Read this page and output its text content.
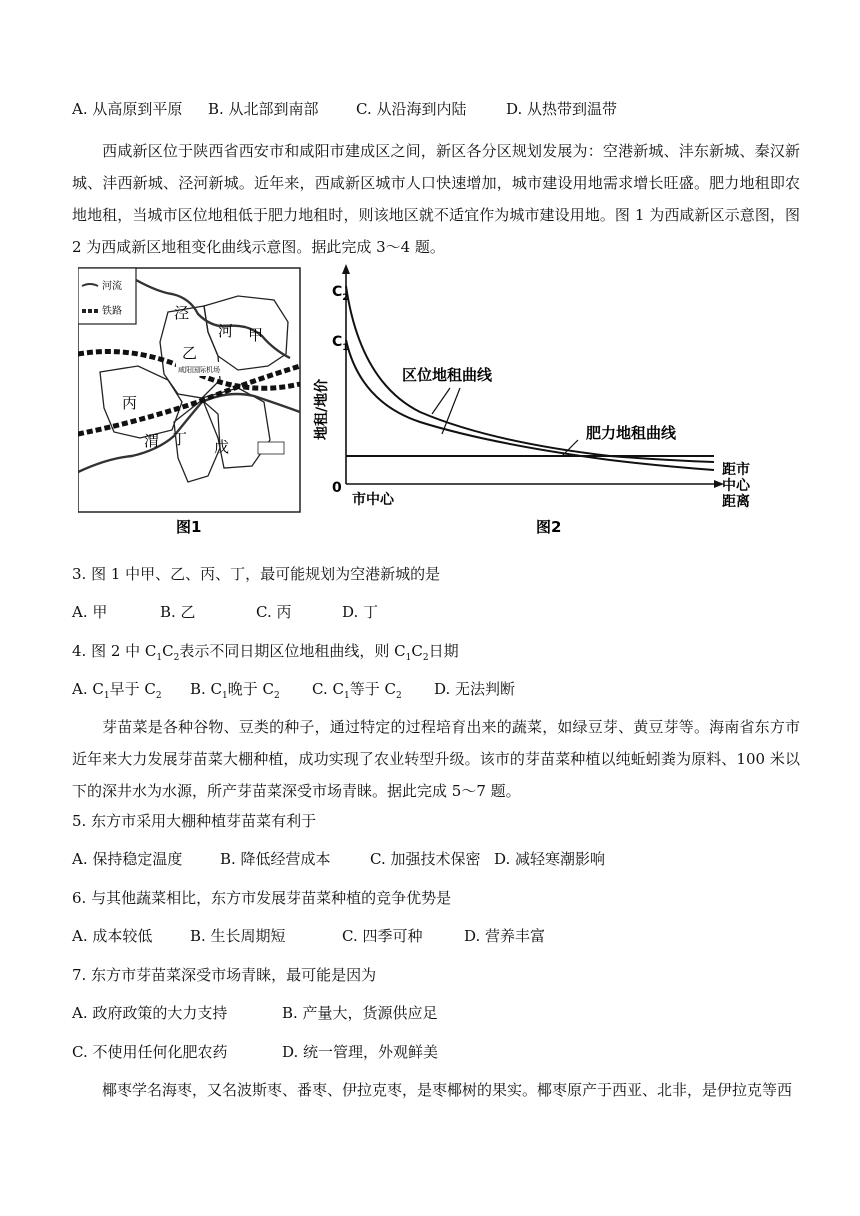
A. 从高原到平原 B. 从北部到南部 C. 从沿海到内陆	D. 从热带到温带
西咸新区位于陕西省西安市和咸阳市建成区之间，新区各分区规划发展为：空港新城、沣东新城、秦汉新城、沣西新城、泾河新城。近年来，西咸新区城市人口快速增加，城市建设用地需求增长旺盛。肥力地租即农地地租，当城市区位地租低于肥力地租时，则该地区就不适宜作为城市建设用地。图 1 为西咸新区示意图，图 2 为西咸新区地租变化曲线示意图。据此完成 3～4 题。
河流
铁路	泾
河 甲
乙
咸阳国际机场
丙
渭 丁 戊
图1
$C_2$
$C_1$
地租/地价
0
市中心
距市
中心
距离
区位地租曲线
肥力地租曲线
图2
3. 图 1 中甲、乙、丙、丁，最可能规划为空港新城的是
A. 甲	B. 乙	C. 丙	D. 丁
4. 图 2 中 $C_1C_2$表示不同日期区位地租曲线，则 $C_1C_2$日期
A. $C_1$早于 $C_2$ B. $C_1$晚于 $C_2$ C. $C_1$等于 $C_2$ D. 无法判断
芽苗菜是各种谷物、豆类的种子，通过特定的过程培育出来的蔬菜，如绿豆芽、黄豆芽等。海南省东方市近年来大力发展芽苗菜大棚种植，成功实现了农业转型升级。该市的芽苗菜种植以纯蚯蚓粪为原料、100 米以下的深井水为水源，所产芽苗菜深受市场青睐。据此完成 5～7 题。
5. 东方市采用大棚种植芽苗菜有利于
A. 保持稳定温度	B. 降低经营成本	C. 加强技术保密 D. 减轻寒潮影响
6. 与其他蔬菜相比，东方市发展芽苗菜种植的竞争优势是
A. 成本较低	B. 生长周期短	C. 四季可种	D. 营养丰富
7. 东方市芽苗菜深受市场青睐，最可能是因为
A. 政府政策的大力支持	B. 产量大，货源供应足
C. 不使用任何化肥农药	D. 统一管理，外观鲜美
椰枣学名海枣，又名波斯枣、番枣、伊拉克枣，是枣椰树的果实。椰枣原产于西亚、北非，是伊拉克等西
